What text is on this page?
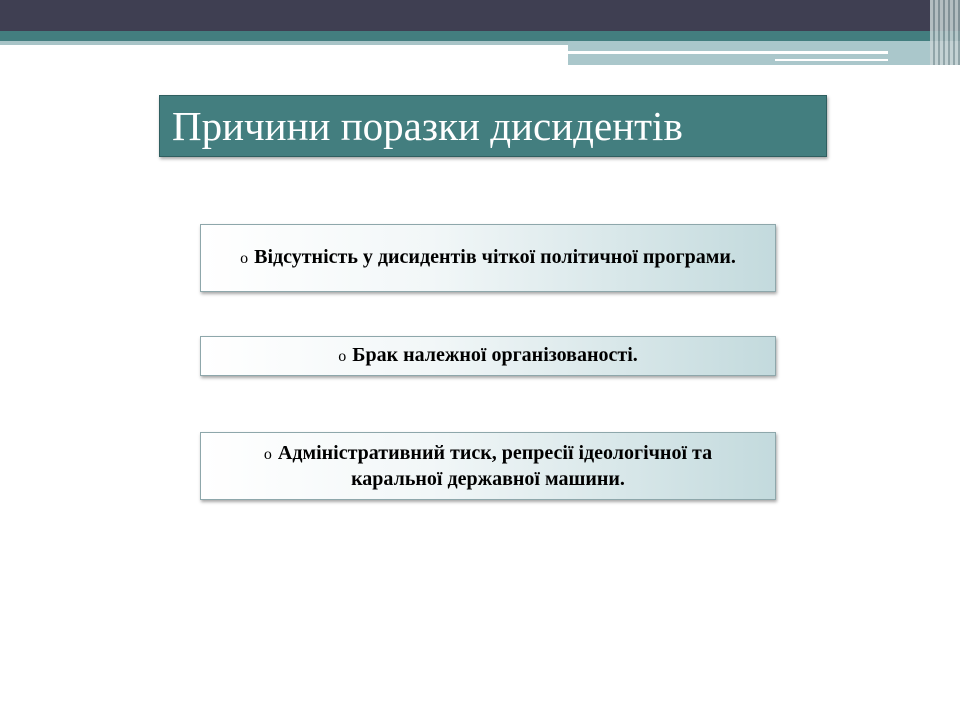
Причини поразки дисидентів
o Відсутність у дисидентів чіткої політичної програми.
o Брак належної організованості.
o Адміністративний тиск, репресії ідеологічної та каральної державної машини.
